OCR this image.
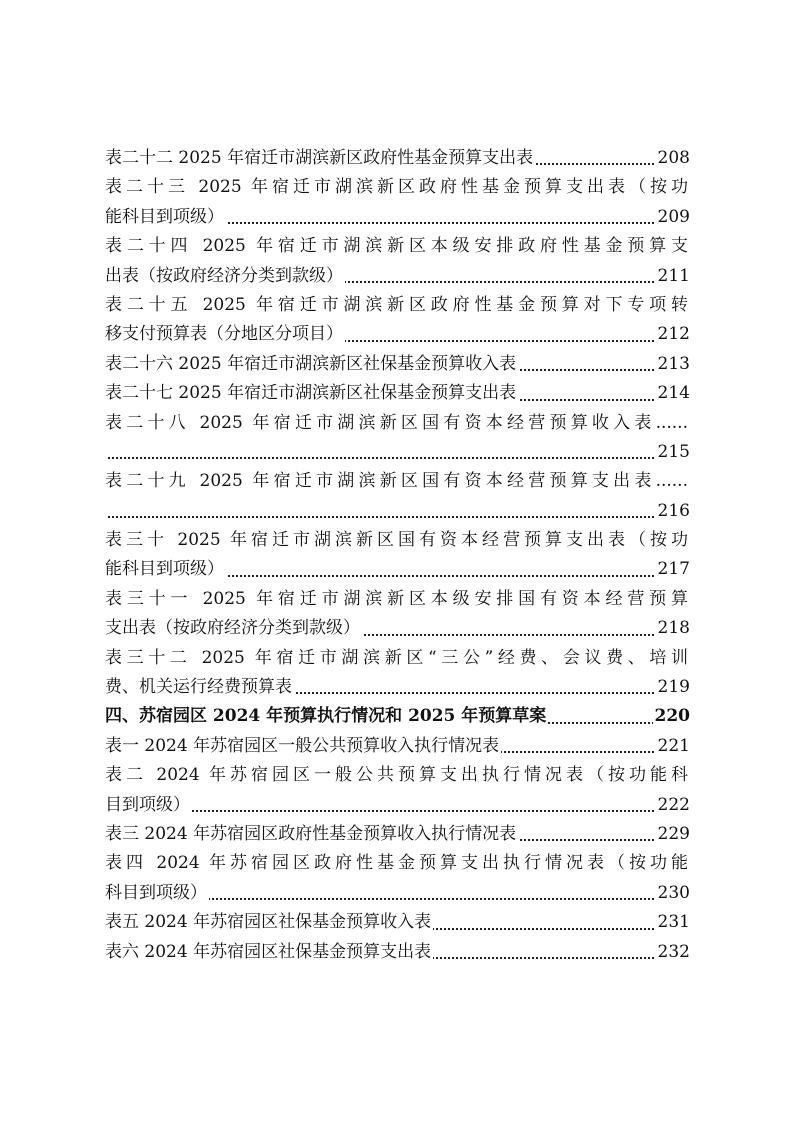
表二十二 2025 年宿迁市湖滨新区政府性基金预算支出表	208
表二十三 2025 年宿迁市湖滨新区政府性基金预算支出表（按功
能科目到项级）	209
表二十四 2025 年宿迁市湖滨新区本级安排政府性基金预算支
出表（按政府经济分类到款级）	211
表二十五 2025 年宿迁市湖滨新区政府性基金预算对下专项转
移支付预算表（分地区分项目）	212
表二十六 2025 年宿迁市湖滨新区社保基金预算收入表	213
表二十七 2025 年宿迁市湖滨新区社保基金预算支出表	214
表二十八 2025 年宿迁市湖滨新区国有资本经营预算收入表......
215
表二十九 2025 年宿迁市湖滨新区国有资本经营预算支出表......
216
表三十 2025 年宿迁市湖滨新区国有资本经营预算支出表（按功
能科目到项级）	217
表三十一 2025 年宿迁市湖滨新区本级安排国有资本经营预算
支出表（按政府经济分类到款级）	218
表三十二 2025 年宿迁市湖滨新区“三公”经费、会议费、培训
费、机关运行经费预算表	219
四、苏宿园区 2024 年预算执行情况和 2025 年预算草案	220
表一 2024 年苏宿园区一般公共预算收入执行情况表	221
表二 2024 年苏宿园区一般公共预算支出执行情况表（按功能科
目到项级）	222
表三 2024 年苏宿园区政府性基金预算收入执行情况表	229
表四 2024 年苏宿园区政府性基金预算支出执行情况表（按功能
科目到项级）	230
表五 2024 年苏宿园区社保基金预算收入表	231
表六 2024 年苏宿园区社保基金预算支出表	232
